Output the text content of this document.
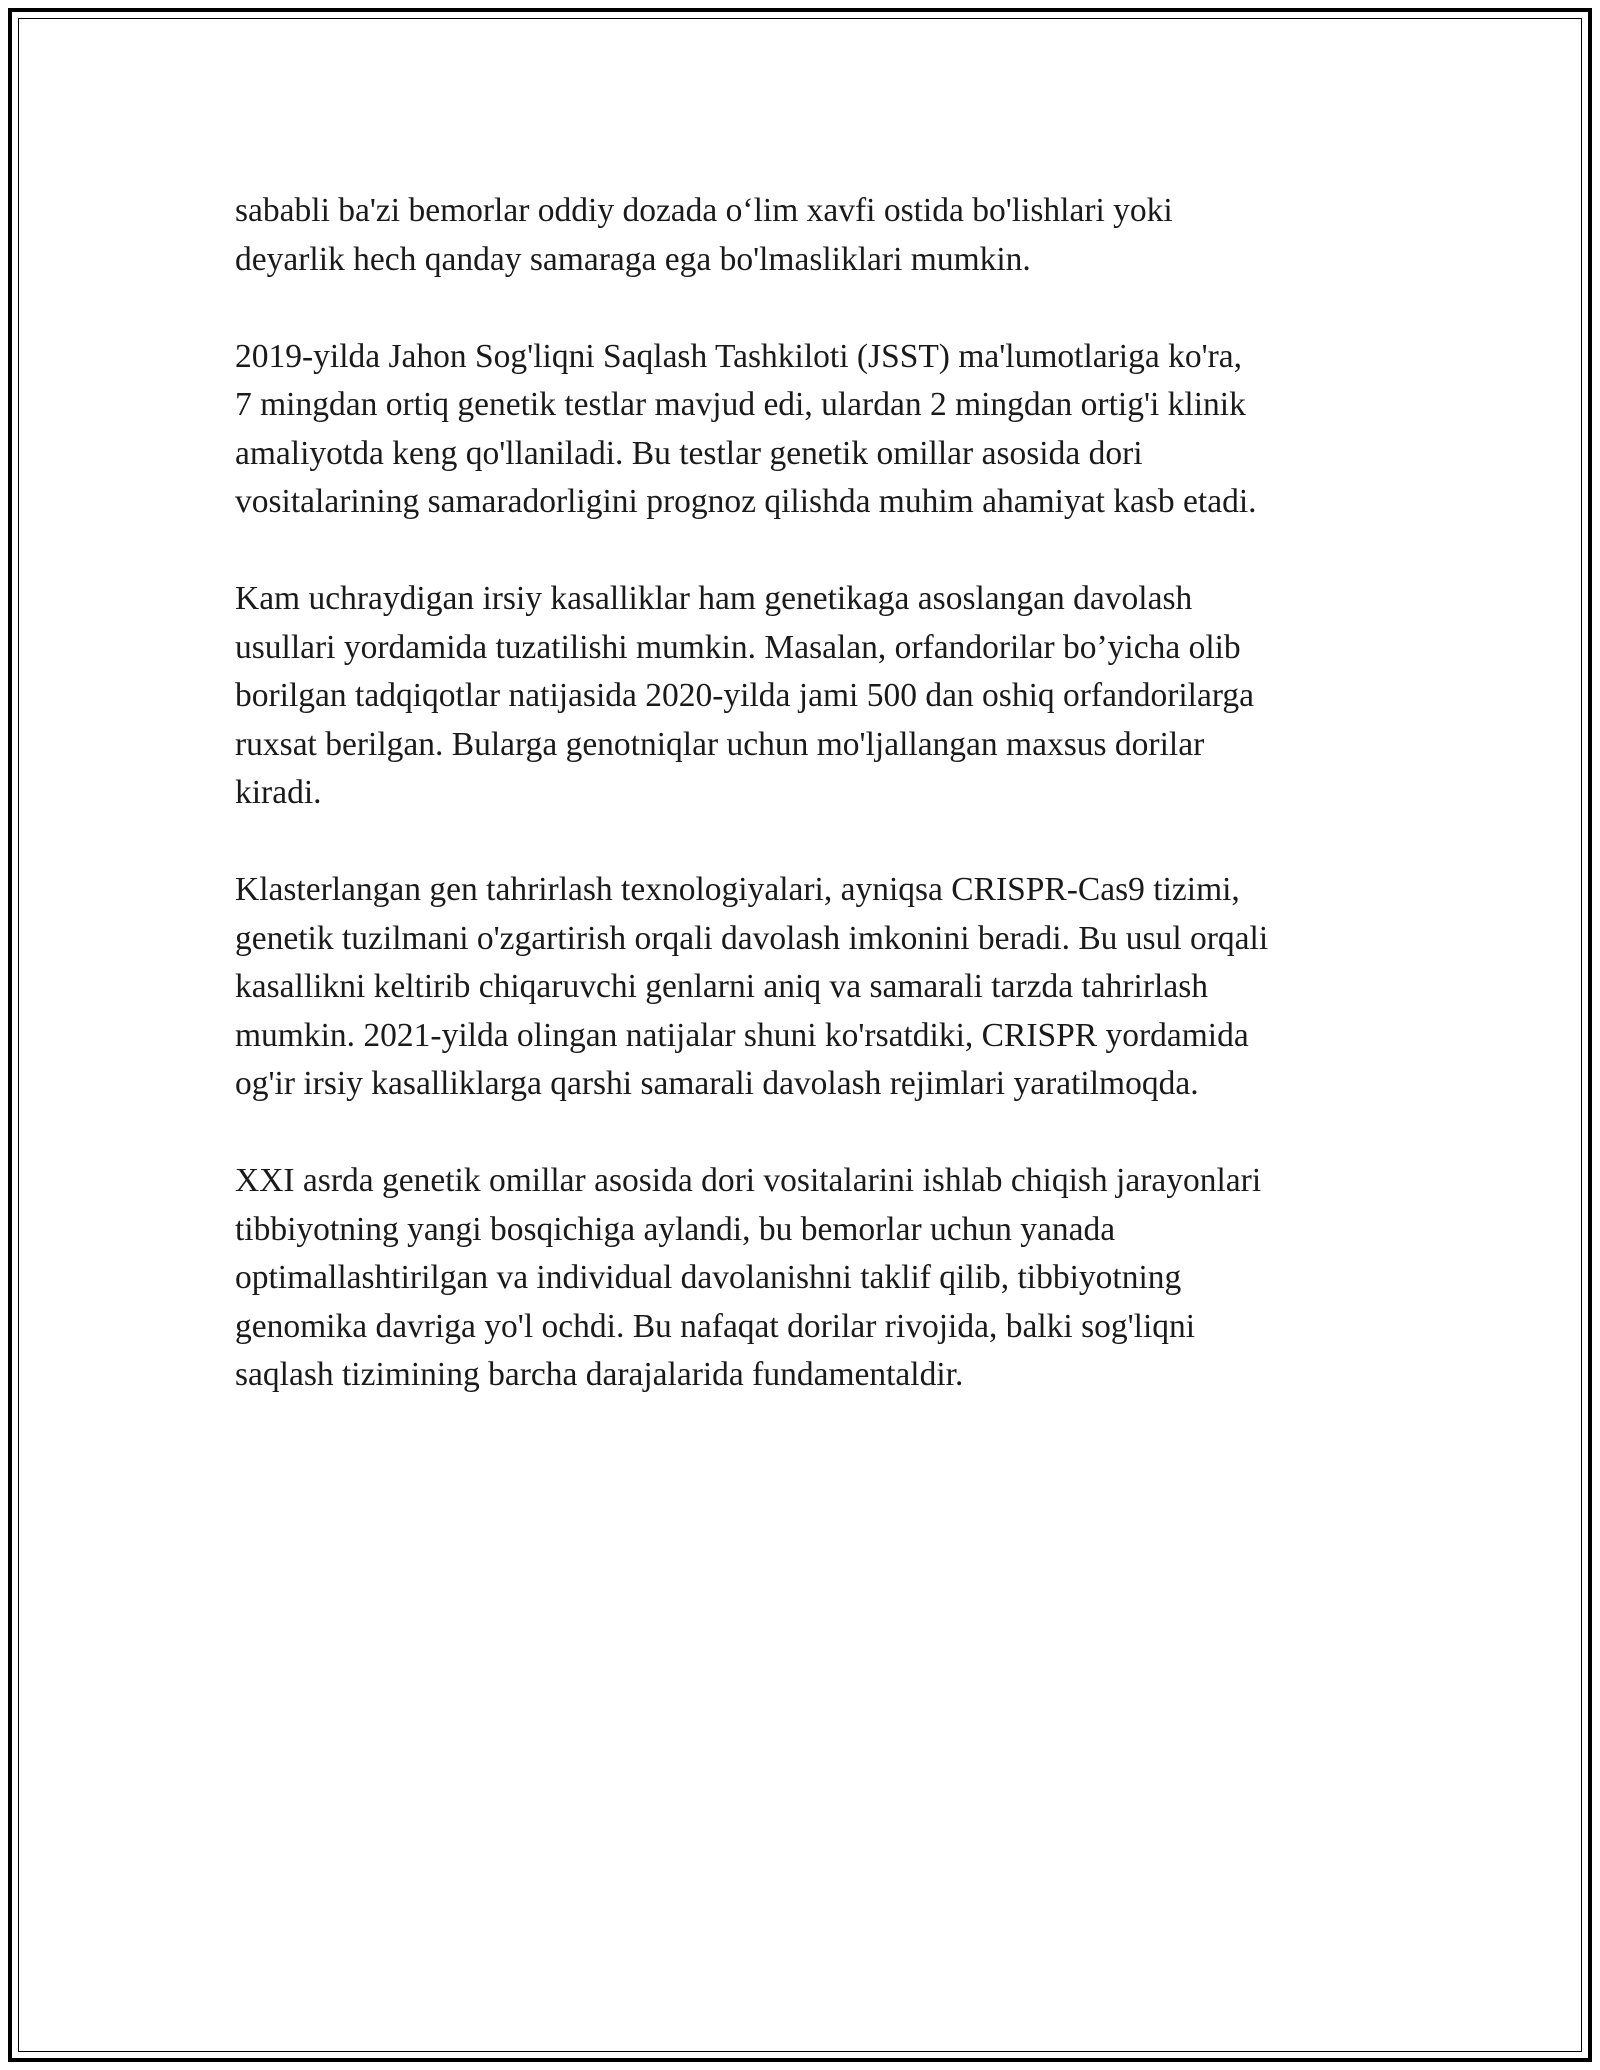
sababli ba'zi bemorlar oddiy dozada o‘lim xavfi ostida bo'lishlari yoki
deyarlik hech qanday samaraga ega bo'lmasliklari mumkin.

2019-yilda Jahon Sog'liqni Saqlash Tashkiloti (JSST) ma'lumotlariga ko'ra,
7 mingdan ortiq genetik testlar mavjud edi, ulardan 2 mingdan ortig'i klinik
amaliyotda keng qo'llaniladi. Bu testlar genetik omillar asosida dori
vositalarining samaradorligini prognoz qilishda muhim ahamiyat kasb etadi.

Kam uchraydigan irsiy kasalliklar ham genetikaga asoslangan davolash
usullari yordamida tuzatilishi mumkin. Masalan, orfandorilar bo’yicha olib
borilgan tadqiqotlar natijasida 2020-yilda jami 500 dan oshiq orfandorilarga
ruxsat berilgan. Bularga genotniqlar uchun mo'ljallangan maxsus dorilar
kiradi.

Klasterlangan gen tahrirlash texnologiyalari, ayniqsa CRISPR-Cas9 tizimi,
genetik tuzilmani o'zgartirish orqali davolash imkonini beradi. Bu usul orqali
kasallikni keltirib chiqaruvchi genlarni aniq va samarali tarzda tahrirlash
mumkin. 2021-yilda olingan natijalar shuni ko'rsatdiki, CRISPR yordamida
og'ir irsiy kasalliklarga qarshi samarali davolash rejimlari yaratilmoqda.

XXI asrda genetik omillar asosida dori vositalarini ishlab chiqish jarayonlari
tibbiyotning yangi bosqichiga aylandi, bu bemorlar uchun yanada
optimallashtirilgan va individual davolanishni taklif qilib, tibbiyotning
genomika davriga yo'l ochdi. Bu nafaqat dorilar rivojida, balki sog'liqni
saqlash tizimining barcha darajalarida fundamentaldir.
